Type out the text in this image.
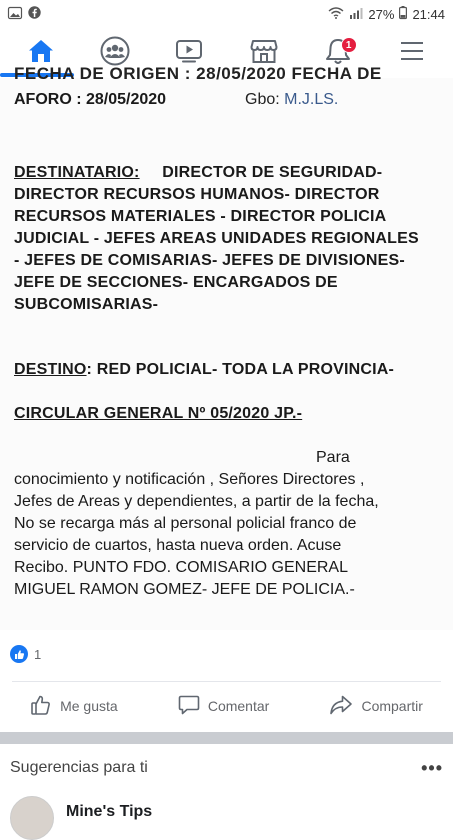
27% 21:44
1
FECHA DE ORIGEN : 28/05/2020 FECHA DE
AFORO : 28/05/2020	Gbo: M.J.LS.
DESTINATARIO: DIRECTOR DE SEGURIDAD-
DIRECTOR RECURSOS HUMANOS- DIRECTOR
RECURSOS MATERIALES - DIRECTOR POLICIA
JUDICIAL - JEFES AREAS UNIDADES REGIONALES
- JEFES DE COMISARIAS- JEFES DE DIVISIONES-
JEFE DE SECCIONES- ENCARGADOS DE
SUBCOMISARIAS-
DESTINO: RED POLICIAL- TODA LA PROVINCIA-
CIRCULAR GENERAL Nº 05/2020 JP.-
Para
conocimiento y notificación , Señores Directores ,
Jefes de Areas y dependientes, a partir de la fecha,
No se recarga más al personal policial franco de
servicio de cuartos, hasta nueva orden. Acuse
Recibo. PUNTO FDO. COMISARIO GENERAL
MIGUEL RAMON GOMEZ- JEFE DE POLICIA.-
1
Me gusta	Comentar	Compartir
Sugerencias para ti	•••
Mine's Tips
